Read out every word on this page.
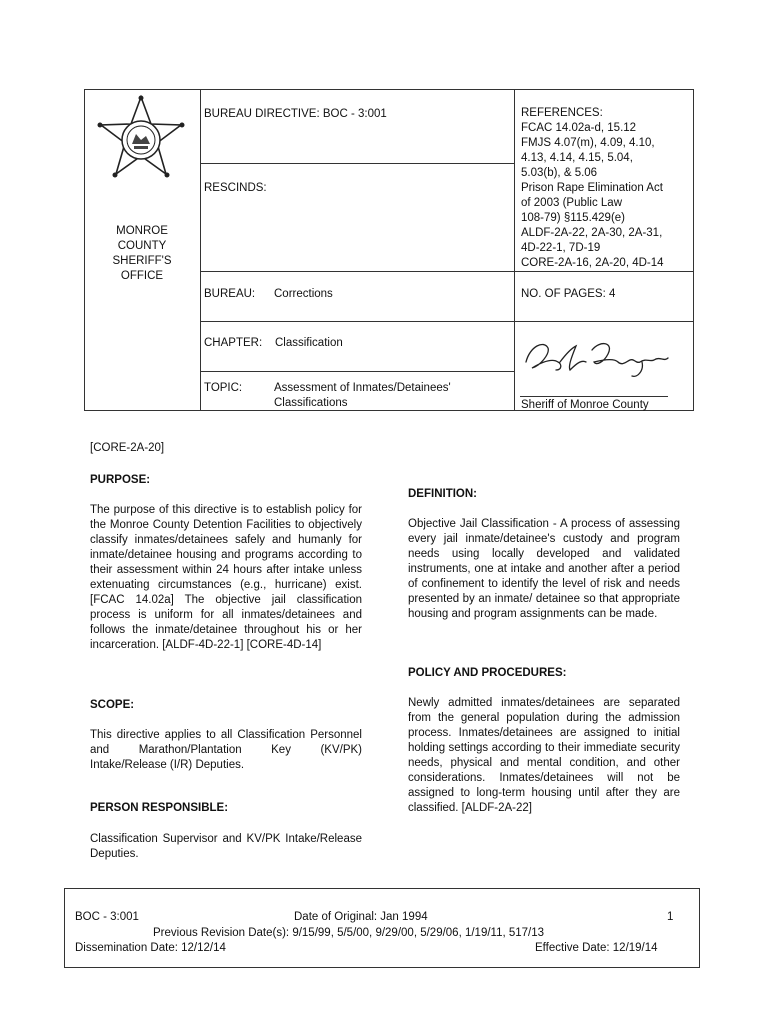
MONROE
COUNTY
SHERIFF'S
OFFICE
BUREAU DIRECTIVE: BOC - 3:001	REFERENCES:
FCAC 14.02a-d, 15.12
FMJS 4.07(m), 4.09, 4.10,
4.13, 4.14, 4.15, 5.04,
5.03(b), & 5.06
Prison Rape Elimination Act
of 2003 (Public Law
108-79) §115.429(e)
ALDF-2A-22, 2A-30, 2A-31,
4D-22-1, 7D-19
CORE-2A-16, 2A-20, 4D-14
RESCINDS:
BUREAU: Corrections	NO. OF PAGES: 4
CHAPTER: Classification
TOPIC:	Assessment of Inmates/Detainees'
Classifications	Sheriff of Monroe County
[CORE-2A-20]
PURPOSE:
The purpose of this directive is to establish policy for the Monroe County Detention Facilities to objectively classify inmates/detainees safely and humanly for inmate/detainee housing and programs according to their assessment within 24 hours after intake unless extenuating circumstances (e.g., hurricane) exist. [FCAC 14.02a] The objective jail classification process is uniform for all inmates/detainees and follows the inmate/detainee throughout his or her incarceration. [ALDF-4D-22-1] [CORE-4D-14]
SCOPE:
This directive applies to all Classification Personnel and Marathon/Plantation Key (KV/PK) Intake/Release (I/R) Deputies.
PERSON RESPONSIBLE:
Classification Supervisor and KV/PK Intake/Release Deputies.
DEFINITION:
Objective Jail Classification - A process of assessing every jail inmate/detainee's custody and program needs using locally developed and validated instruments, one at intake and another after a period of confinement to identify the level of risk and needs presented by an inmate/ detainee so that appropriate housing and program assignments can be made.
POLICY AND PROCEDURES:
Newly admitted inmates/detainees are separated from the general population during the admission process. Inmates/detainees are assigned to initial holding settings according to their immediate security needs, physical and mental condition, and other considerations. Inmates/detainees will not be assigned to long-term housing until after they are classified. [ALDF-2A-22]
BOC - 3:001	Date of Original: Jan 1994	1
Previous Revision Date(s): 9/15/99, 5/5/00, 9/29/00, 5/29/06, 1/19/11, 517/13
Dissemination Date: 12/12/14	Effective Date: 12/19/14
